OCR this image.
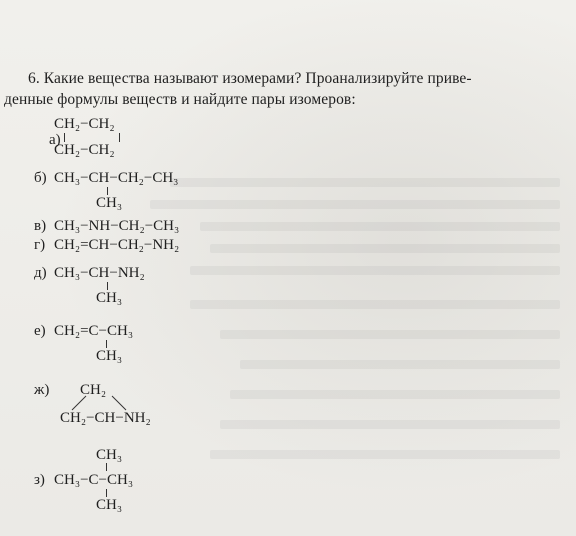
6. Какие вещества называют изомерами? Проанализируйте приве-
денные формулы веществ и найдите пары изомеров:

а)

CH₂−CH₂
CH₂−CH₂
б) CH₃−CH−CH₂−CH₃
CH₃
в) CH₃−NH−CH₂−CH₃
г) CH₂=CH−CH₂−NH₂
д) CH₃−CH−NH₂
CH₃
е) CH₂=C−CH₃
CH₃
ж) CH₂
CH₂−CH−NH₂
CH₃
з) CH₃−C−CH₃
CH₃
